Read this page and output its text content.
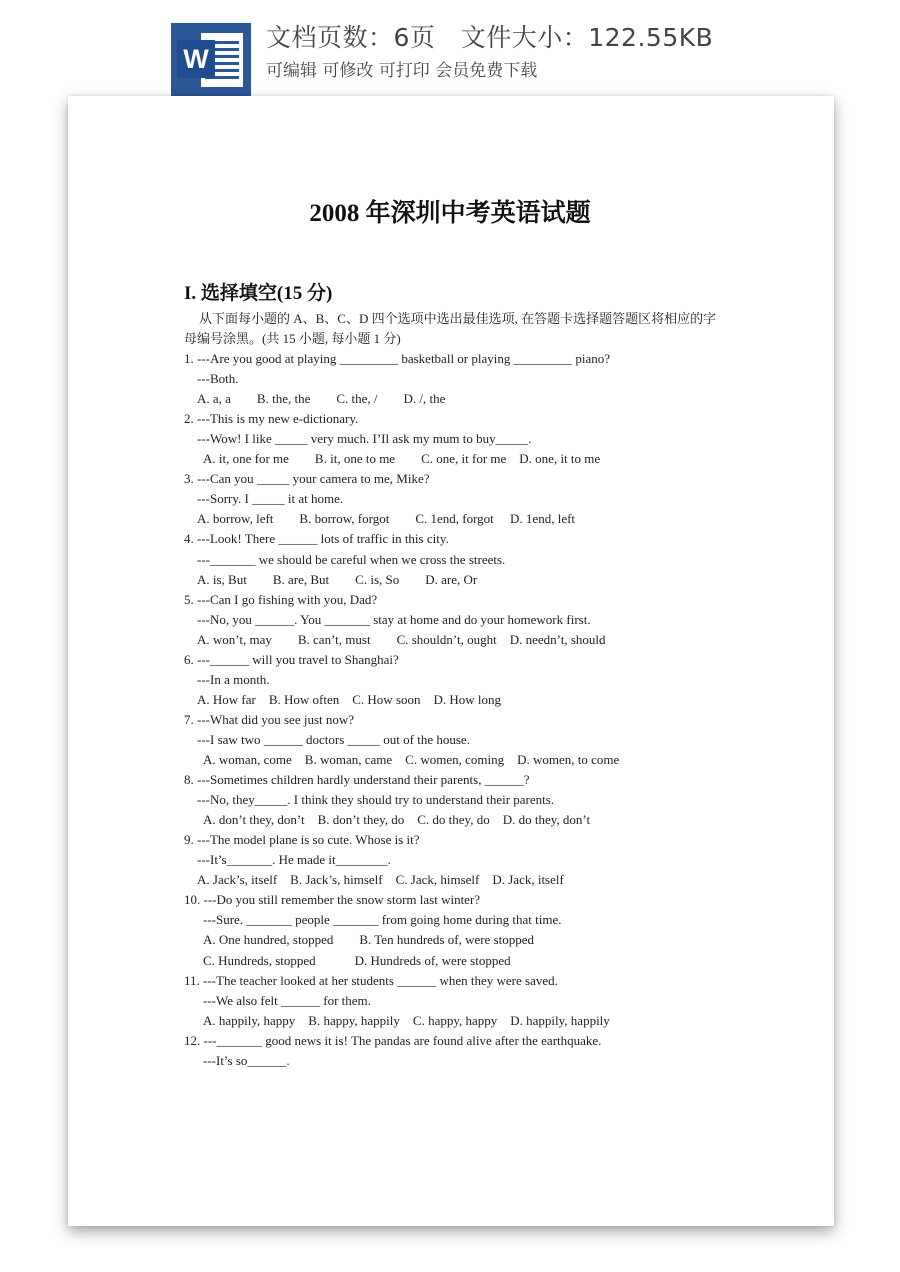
W
文档页数：6页   文件大小：122.55KB
可编辑 可修改 可打印 会员免费下载
2008 年深圳中考英语试题
I. 选择填空(15 分)
从下面每小题的 A、B、C、D 四个选项中选出最佳选项, 在答题卡选择题答题区将相应的字母编号涂黑。(共 15 小题, 每小题 1 分)
1. ---Are you good at playing _________ basketball or playing _________ piano?
---Both.
A. a, a        B. the, the        C. the, /        D. /, the
2. ---This is my new e-dictionary.
---Wow! I like _____ very much. I’Il ask my mum to buy_____.
A. it, one for me        B. it, one to me        C. one, it for me    D. one, it to me
3. ---Can you _____ your camera to me, Mike?
---Sorry. I _____ it at home.
A. borrow, left        B. borrow, forgot        C. 1end, forgot     D. 1end, left
4. ---Look! There ______ lots of traffic in this city.
---_______ we should be careful when we cross the streets.
A. is, But        B. are, But        C. is, So        D. are, Or
5. ---Can I go fishing with you, Dad?
---No, you ______. You _______ stay at home and do your homework first.
A. won’t, may        B. can’t, must        C. shouldn’t, ought    D. needn’t, should
6. ---______ will you travel to Shanghai?
---In a month.
A. How far    B. How often    C. How soon    D. How long
7. ---What did you see just now?
---I saw two ______ doctors _____ out of the house.
A. woman, come    B. woman, came    C. women, coming    D. women, to come
8. ---Sometimes children hardly understand their parents, ______?
---No, they_____. I think they should try to understand their parents.
A. don’t they, don’t    B. don’t they, do    C. do they, do    D. do they, don’t
9. ---The model plane is so cute. Whose is it?
---It’s_______. He made it________.
A. Jack’s, itself    B. Jack’s, himself    C. Jack, himself    D. Jack, itself
10. ---Do you still remember the snow storm last winter?
---Sure. _______ people _______ from going home during that time.
A. One hundred, stopped        B. Ten hundreds of, were stopped
C. Hundreds, stopped            D. Hundreds of, were stopped
11. ---The teacher looked at her students ______ when they were saved.
---We also felt ______ for them.
A. happily, happy    B. happy, happily    C. happy, happy    D. happily, happily
12. ---_______ good news it is! The pandas are found alive after the earthquake.
---It’s so______.
